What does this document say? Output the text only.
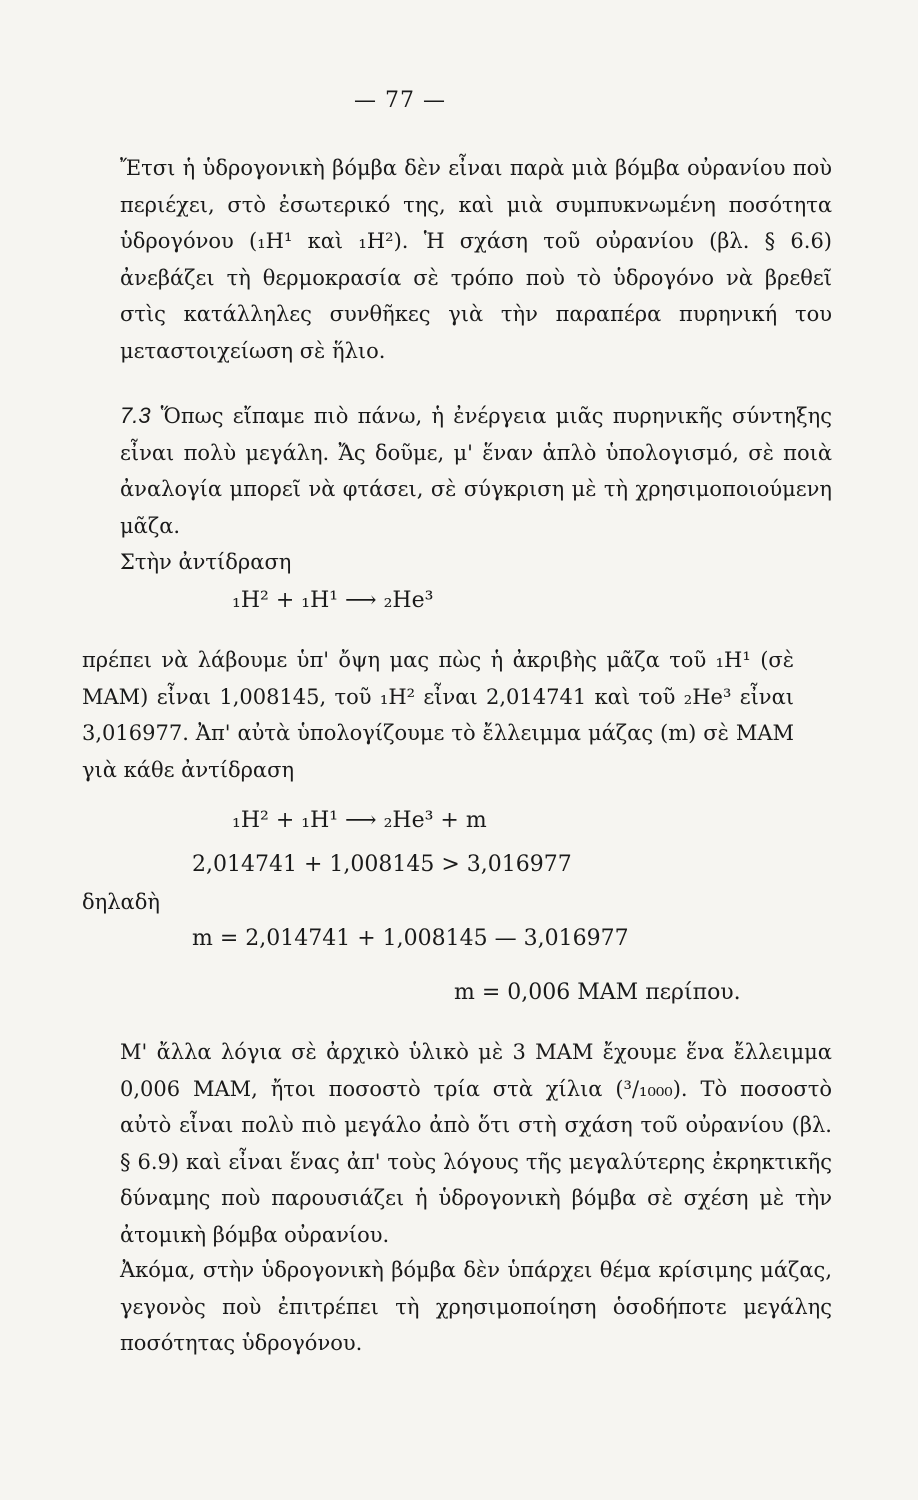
— 77 —

Ἔτσι ἡ ὑδρογονικὴ βόμβα δὲν εἶναι παρὰ μιὰ βόμβα οὐρανίου ποὺ περιέχει, στὸ ἐσωτερικό της, καὶ μιὰ συμπυκνωμένη ποσότητα ὑδρογόνου (₁H¹ καὶ ₁H²). Ἡ σχάση τοῦ οὐρανίου (βλ. § 6.6) ἀνεβάζει τὴ θερμοκρασία σὲ τρόπο ποὺ τὸ ὑδρογόνο νὰ βρεθεῖ στὶς κατάλληλες συνθῆκες γιὰ τὴν παραπέρα πυρηνική του μεταστοιχείωση σὲ ἥλιο.

7.3 Ὅπως εἴπαμε πιὸ πάνω, ἡ ἐνέργεια μιᾶς πυρηνικῆς σύντηξης εἶναι πολὺ μεγάλη. Ἄς δοῦμε, μ' ἕναν ἁπλὸ ὑπολογισμό, σὲ ποιὰ ἀναλογία μπορεῖ νὰ φτάσει, σὲ σύγκριση μὲ τὴ χρησιμοποιούμενη μᾶζα.

Στὴν ἀντίδραση

₁H² + ₁H¹ ⟶ ₂He³

πρέπει νὰ λάβουμε ὑπ' ὄψη μας πὼς ἡ ἀκριβὴς μᾶζα τοῦ ₁H¹ (σὲ ΜΑΜ) εἶναι 1,008145, τοῦ ₁H² εἶναι 2,014741 καὶ τοῦ ₂He³ εἶναι 3,016977. Ἀπ' αὐτὰ ὑπολογίζουμε τὸ ἔλλειμμα μάζας (m) σὲ ΜΑΜ γιὰ κάθε ἀντίδραση

₁H² + ₁H¹ ⟶ ₂He³ + m
2,014741 + 1,008145 > 3,016977
δηλαδὴ
m = 2,014741 + 1,008145 — 3,016977
m = 0,006 ΜΑΜ περίπου.

Μ' ἄλλα λόγια σὲ ἀρχικὸ ὑλικὸ μὲ 3 ΜΑΜ ἔχουμε ἕνα ἔλλειμμα 0,006 ΜΑΜ, ἤτοι ποσοστὸ τρία στὰ χίλια (³/₁₀₀₀). Τὸ ποσοστὸ αὐτὸ εἶναι πολὺ πιὸ μεγάλο ἀπὸ ὅτι στὴ σχάση τοῦ οὐρανίου (βλ. § 6.9) καὶ εἶναι ἕνας ἀπ' τοὺς λόγους τῆς μεγαλύτερης ἐκρηκτικῆς δύναμης ποὺ παρουσιάζει ἡ ὑδρογονικὴ βόμβα σὲ σχέση μὲ τὴν ἀτομικὴ βόμβα οὐρανίου.

Ἀκόμα, στὴν ὑδρογονικὴ βόμβα δὲν ὑπάρχει θέμα κρίσιμης μάζας, γεγονὸς ποὺ ἐπιτρέπει τὴ χρησιμοποίηση ὁσοδήποτε μεγάλης ποσότητας ὑδρογόνου.
